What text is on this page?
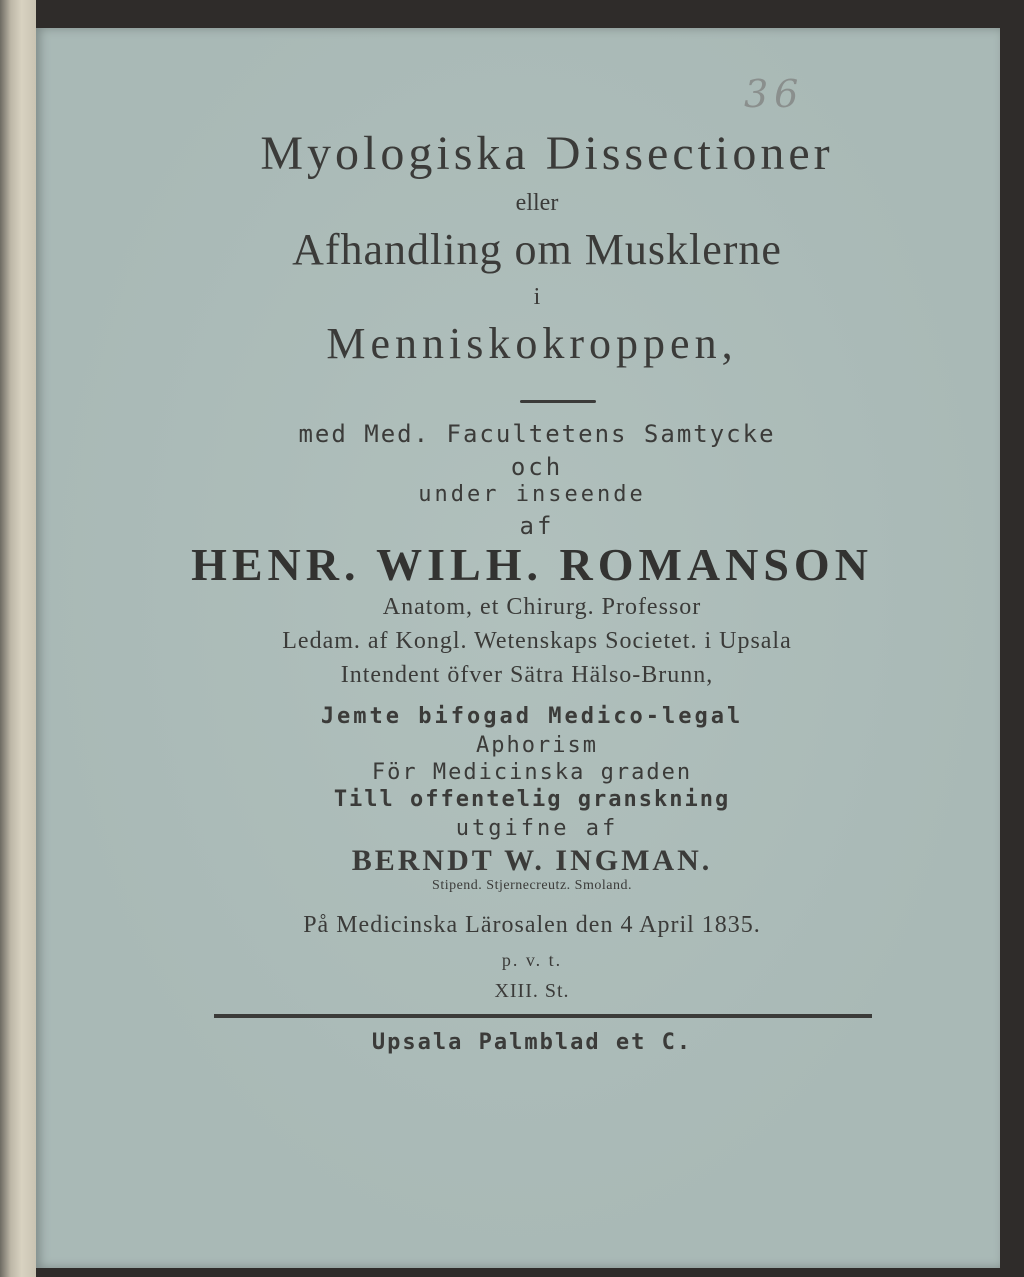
36
Myologiska Dissectioner
eller
Afhandling om Musklerne
i
Menniskokroppen,
med Med. Facultetens Samtycke
och
under inseende
af
HENR. WILH. ROMANSON
Anatom, et Chirurg. Professor
Ledam. af Kongl. Wetenskaps Societet. i Upsala
Intendent öfver Sätra Hälso-Brunn,
Jemte bifogad Medico-legal
Aphorism
För Medicinska graden
Till offentelig granskning
utgifne af
BERNDT W. INGMAN.
Stipend. Stjernecreutz. Smoland.
På Medicinska Lärosalen den 4 April 1835.
p. v. t.
XIII. St.
Upsala Palmblad et C.
